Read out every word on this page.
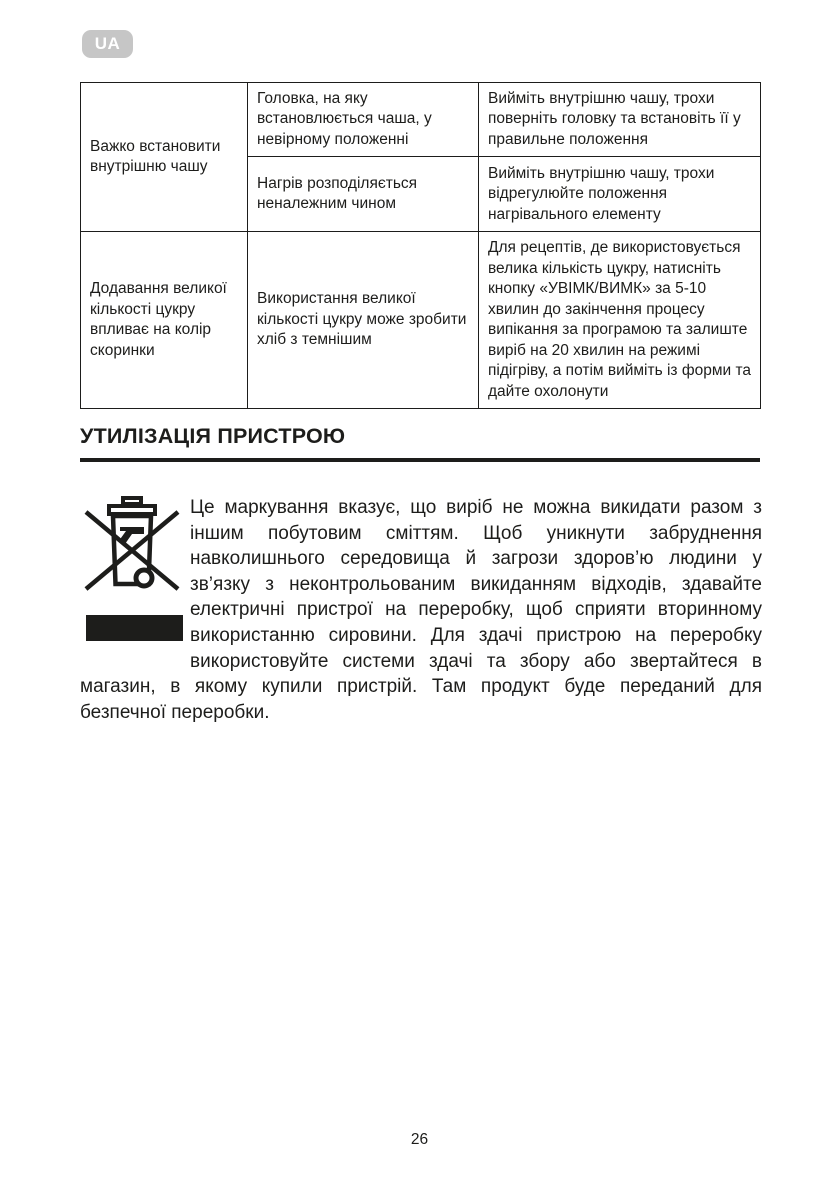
UA
Важко встановити внутрішню чашу	Головка, на яку встановлюється чаша, у невірному положенні	Вийміть внутрішню чашу, трохи поверніть головку та встановіть її у правильне положення
	Нагрів розподіляється неналежним чином	Вийміть внутрішню чашу, трохи відрегулюйте положення нагрівального елементу
Додавання великої кількості цукру впливає на колір скоринки	Використання великої кількості цукру може зробити хліб з темнішим	Для рецептів, де використовується велика кількість цукру, натисніть кнопку «УВІМК/ВИМК» за 5-10 хвилин до закінчення процесу випікання за програмою та залиште виріб на 20 хвилин на режимі підігріву, а потім вийміть із форми та дайте охолонути
УТИЛІЗАЦІЯ ПРИСТРОЮ

Це маркування вказує, що виріб не можна викидати разом з іншим побутовим сміттям. Щоб уникнути забруднення навколишнього середовища й загрози здоров’ю людини у зв’язку з неконтрольованим викиданням відходів, здавайте електричні пристрої на переробку, щоб сприяти вторинному використанню сировини. Для здачі пристрою на переробку використовуйте системи здачі та збору або звертайтеся в магазин, в якому купили пристрій. Там продукт буде переданий для безпечної переробки.

26
